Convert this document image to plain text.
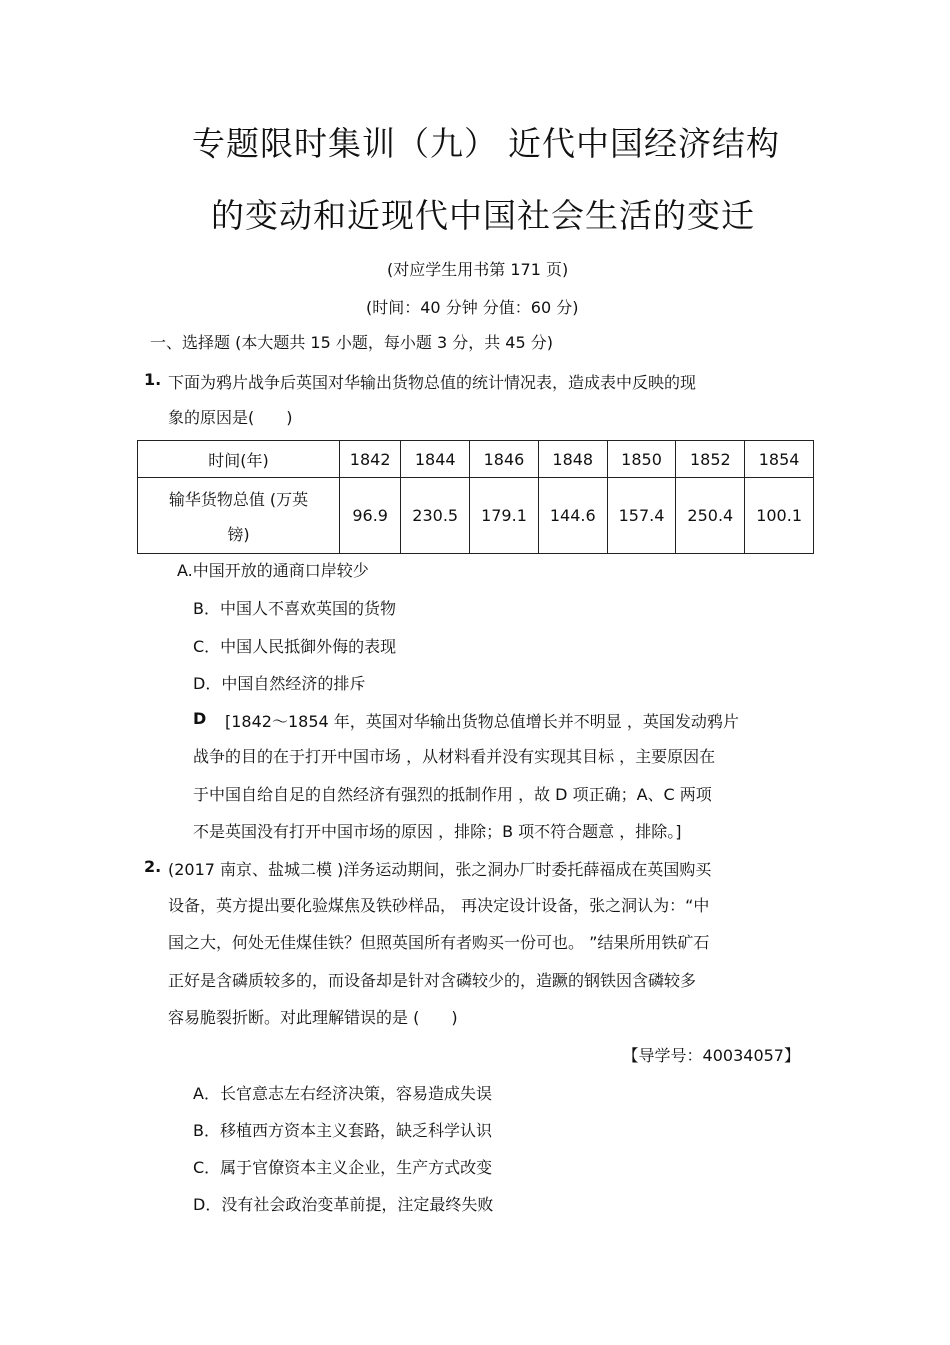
专题限时集训（九） 近代中国经济结构
的变动和近现代中国社会生活的变迁
(对应学生用书第 171 页)
(时间：40 分钟 分值：60 分)
一、选择题 (本大题共 15 小题，每小题 3 分，共 45 分)
1. 下面为鸦片战争后英国对华输出货物总值的统计情况表，造成表中反映的现
象的原因是(　　)
时间(年)	1842	1844	1846	1848	1850	1852	1854

输华货物总值 (万英
镑)	96.9	230.5	179.1	144.6	157.4	250.4	100.1
A.中国开放的通商口岸较少
B．中国人不喜欢英国的货物
C．中国人民抵御外侮的表现
D．中国自然经济的排斥
D [1842～1854 年，英国对华输出货物总值增长并不明显 ，英国发动鸦片
战争的目的在于打开中国市场 ，从材料看并没有实现其目标 ，主要原因在
于中国自给自足的自然经济有强烈的抵制作用 ，故 D 项正确；A、C 两项
不是英国没有打开中国市场的原因 ，排除；B 项不符合题意 ，排除。]
2. (2017 南京、盐城二模 )洋务运动期间，张之洞办厂时委托薛福成在英国购买
设备，英方提出要化验煤焦及铁砂样品， 再决定设计设备，张之洞认为：“中
国之大，何处无佳煤佳铁？但照英国所有者购买一份可也。 ”结果所用铁矿石
正好是含磷质较多的，而设备却是针对含磷较少的，造蹶的钢铁因含磷较多
容易脆裂折断。对此理解错误的是 (　　)
【导学号：40034057】
A．长官意志左右经济决策，容易造成失误
B．移植西方资本主义套路，缺乏科学认识
C．属于官僚资本主义企业，生产方式改变
D．没有社会政治变革前提，注定最终失败
